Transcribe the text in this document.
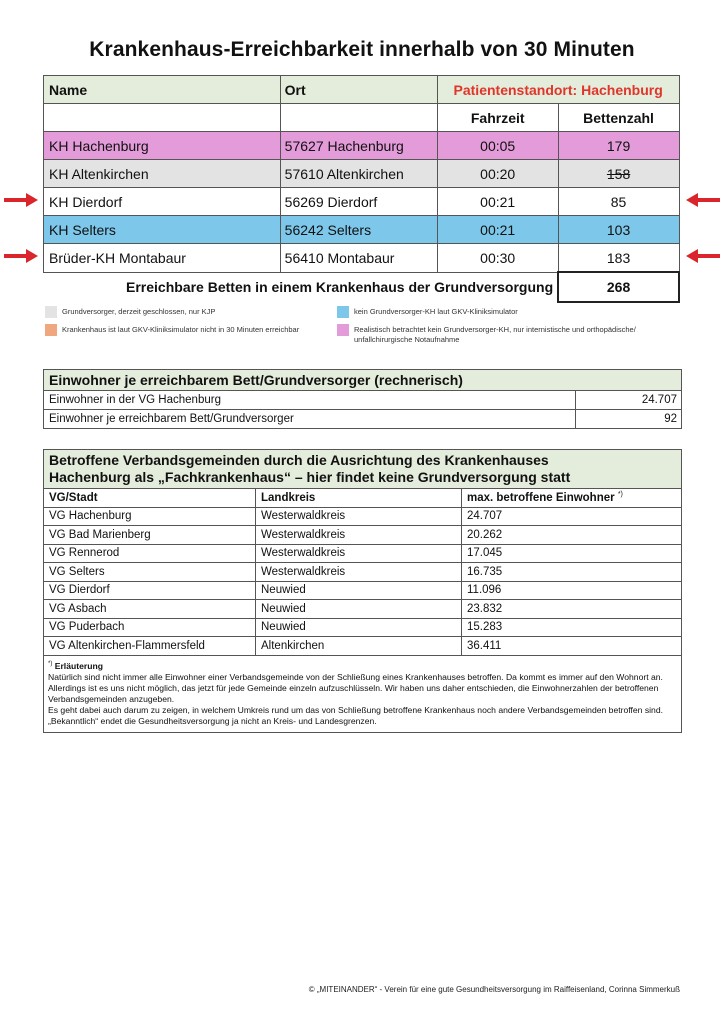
Krankenhaus-Erreichbarkeit innerhalb von 30 Minuten
Name	Ort	Patientenstandort: Hachenburg	
		Fahrzeit	Bettenzahl
KH Hachenburg	57627 Hachenburg	00:05	179
KH Altenkirchen	57610 Altenkirchen	00:20	158
KH Dierdorf	56269 Dierdorf	00:21	85
KH Selters	56242 Selters	00:21	103
Brüder-KH Montabaur	56410 Montabaur	00:30	183
Erreichbare Betten in einem Krankenhaus der Grundversorgung			268
Grundversorger, derzeit geschlossen, nur KJP	kein Grundversorger-KH laut GKV-Kliniksimulator
Krankenhaus ist laut GKV-Kliniksimulator nicht in 30 Minuten erreichbar	Realistisch betrachtet kein Grundversorger-KH, nur internistische und orthopädische/ unfallchirurgische Notaufnahme
Einwohner je erreichbarem Bett/Grundversorger (rechnerisch)
Einwohner in der VG Hachenburg	24.707
Einwohner je erreichbarem Bett/Grundversorger	92
Betroffene Verbandsgemeinden durch die Ausrichtung des Krankenhauses
Hachenburg als „Fachkrankenhaus“ – hier findet keine Grundversorgung statt
VG/Stadt	Landkreis	max. betroffene Einwohner *)
VG Hachenburg	Westerwaldkreis	24.707
VG Bad Marienberg	Westerwaldkreis	20.262
VG Rennerod	Westerwaldkreis	17.045
VG Selters	Westerwaldkreis	16.735
VG Dierdorf	Neuwied	11.096
VG Asbach	Neuwied	23.832
VG Puderbach	Neuwied	15.283
VG Altenkirchen-Flammersfeld	Altenkirchen	36.411
*) Erläuterung
Natürlich sind nicht immer alle Einwohner einer Verbandsgemeinde von der Schließung eines Krankenhauses betroffen. Da kommt es immer auf den Wohnort an. Allerdings ist es uns nicht möglich, das jetzt für jede Gemeinde einzeln aufzuschlüsseln. Wir haben uns daher entschieden, die Einwohnerzahlen der betroffenen Verbandsgemeinden anzugeben.
Es geht dabei auch darum zu zeigen, in welchem Umkreis rund um das von Schließung betroffene Krankenhaus noch andere Verbandsgemeinden betroffen sind. „Bekanntlich“ endet die Gesundheitsversorgung ja nicht an Kreis- und Landesgrenzen.
© „MITEINANDER“ - Verein für eine gute Gesundheitsversorgung im Raiffeisenland, Corinna Simmerkuß
